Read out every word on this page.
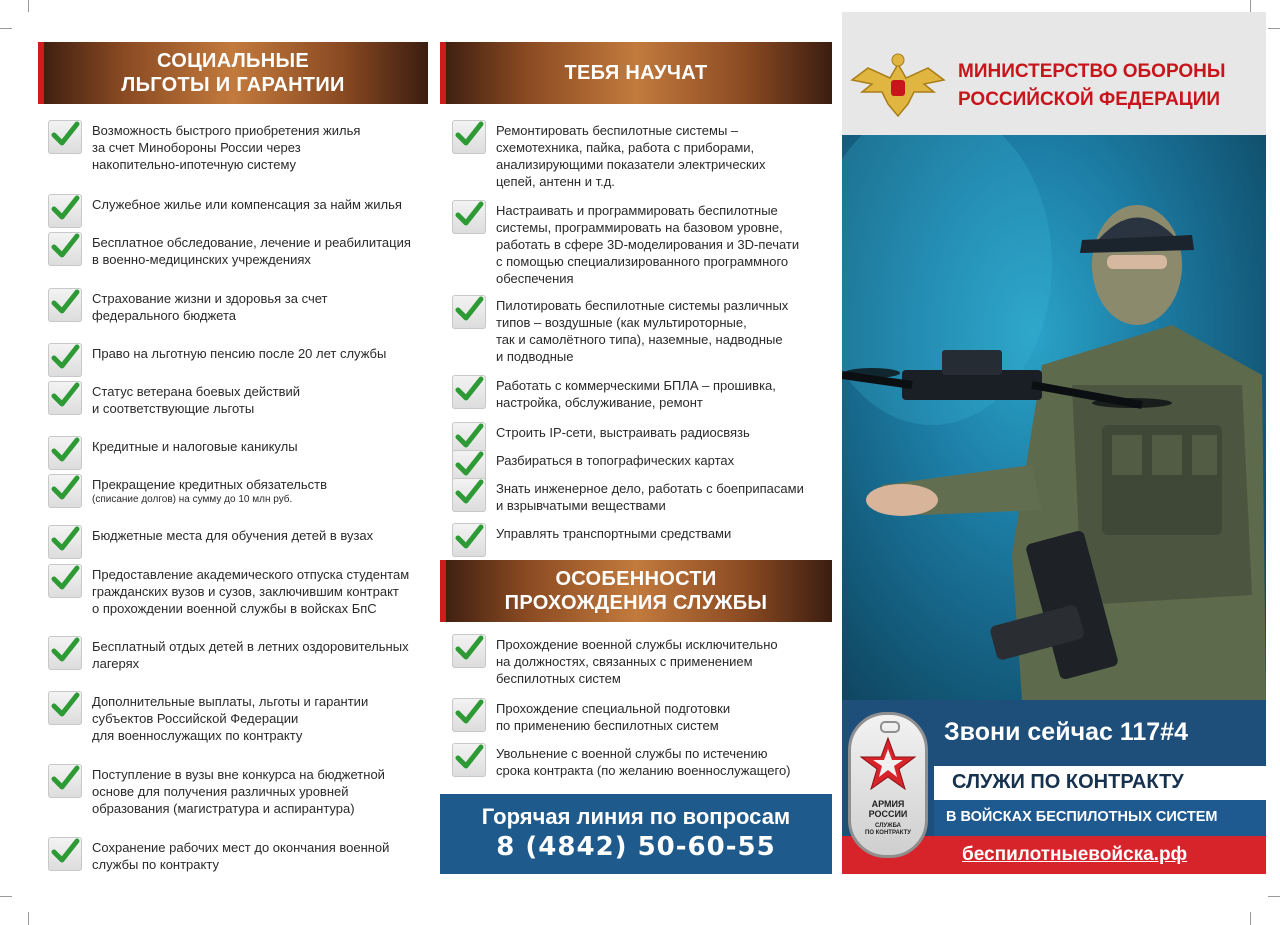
СОЦИАЛЬНЫЕ
ЛЬГОТЫ И ГАРАНТИИ
Возможность быстрого приобретения жилья
за счет Минобороны России через
накопительно-ипотечную систему
Служебное жилье или компенсация за найм жилья
Бесплатное обследование, лечение и реабилитация
в военно-медицинских учреждениях
Страхование жизни и здоровья за счет
федерального бюджета
Право на льготную пенсию после 20 лет службы
Статус ветерана боевых действий
и соответствующие льготы
Кредитные и налоговые каникулы
Прекращение кредитных обязательств
(списание долгов) на сумму до 10 млн руб.
Бюджетные места для обучения детей в вузах
Предоставление академического отпуска студентам
гражданских вузов и сузов, заключившим контракт
о прохождении военной службы в войсках БпС
Бесплатный отдых детей в летних оздоровительных
лагерях
Дополнительные выплаты, льготы и гарантии
субъектов Российской Федерации
для военнослужащих по контракту
Поступление в вузы вне конкурса на бюджетной
основе для получения различных уровней
образования (магистратура и аспирантура)
Сохранение рабочих мест до окончания военной
службы по контракту
ТЕБЯ НАУЧАТ
Ремонтировать беспилотные системы –
схемотехника, пайка, работа с приборами,
анализирующими показатели электрических
цепей, антенн и т.д.
Настраивать и программировать беспилотные
системы, программировать на базовом уровне,
работать в сфере 3D-моделирования и 3D-печати
с помощью специализированного программного
обеспечения
Пилотировать беспилотные системы различных
типов – воздушные (как мультироторные,
так и самолётного типа), наземные, надводные
и подводные
Работать с коммерческими БПЛА – прошивка,
настройка, обслуживание, ремонт
Строить IP-сети, выстраивать радиосвязь
Разбираться в топографических картах
Знать инженерное дело, работать с боеприпасами
и взрывчатыми веществами
Управлять транспортными средствами
ОСОБЕННОСТИ
ПРОХОЖДЕНИЯ СЛУЖБЫ
Прохождение военной службы исключительно
на должностях, связанных с применением
беспилотных систем
Прохождение специальной подготовки
по применению беспилотных систем
Увольнение с военной службы по истечению
срока контракта (по желанию военнослужащего)
Горячая линия по вопросам
8 (4842) 50-60-55
МИНИСТЕРСТВО ОБОРОНЫ
РОССИЙСКОЙ ФЕДЕРАЦИИ
Звони сейчас 117#4
СЛУЖИ ПО КОНТРАКТУ
В ВОЙСКАХ БЕСПИЛОТНЫХ СИСТЕМ
беспилотныевойска.рф
АРМИЯ
РОССИИ
СЛУЖБА
ПО КОНТРАКТУ
